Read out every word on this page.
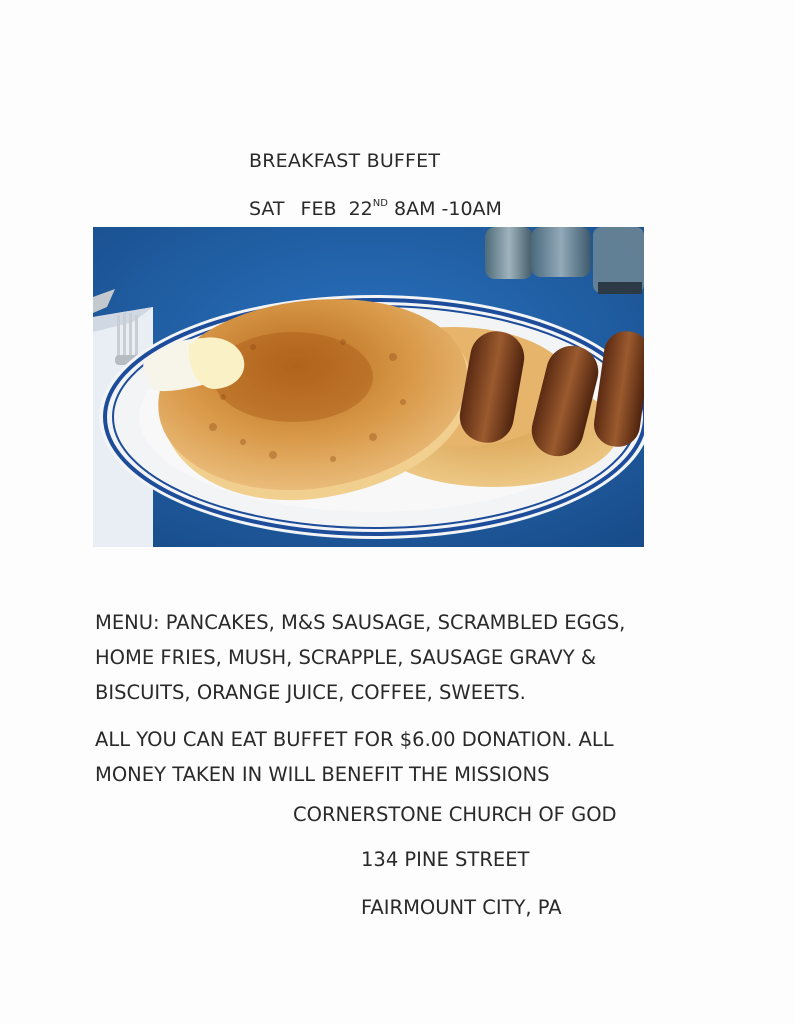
BREAKFAST BUFFET
SAT FEB 22ND 8AM -10AM
MENU: PANCAKES, M&S SAUSAGE, SCRAMBLED EGGS,
HOME FRIES, MUSH, SCRAPPLE, SAUSAGE GRAVY &
BISCUITS, ORANGE JUICE, COFFEE, SWEETS.
ALL YOU CAN EAT BUFFET FOR $6.00 DONATION. ALL
MONEY TAKEN IN WILL BENEFIT THE MISSIONS
CORNERSTONE CHURCH OF GOD
134 PINE STREET
FAIRMOUNT CITY, PA
